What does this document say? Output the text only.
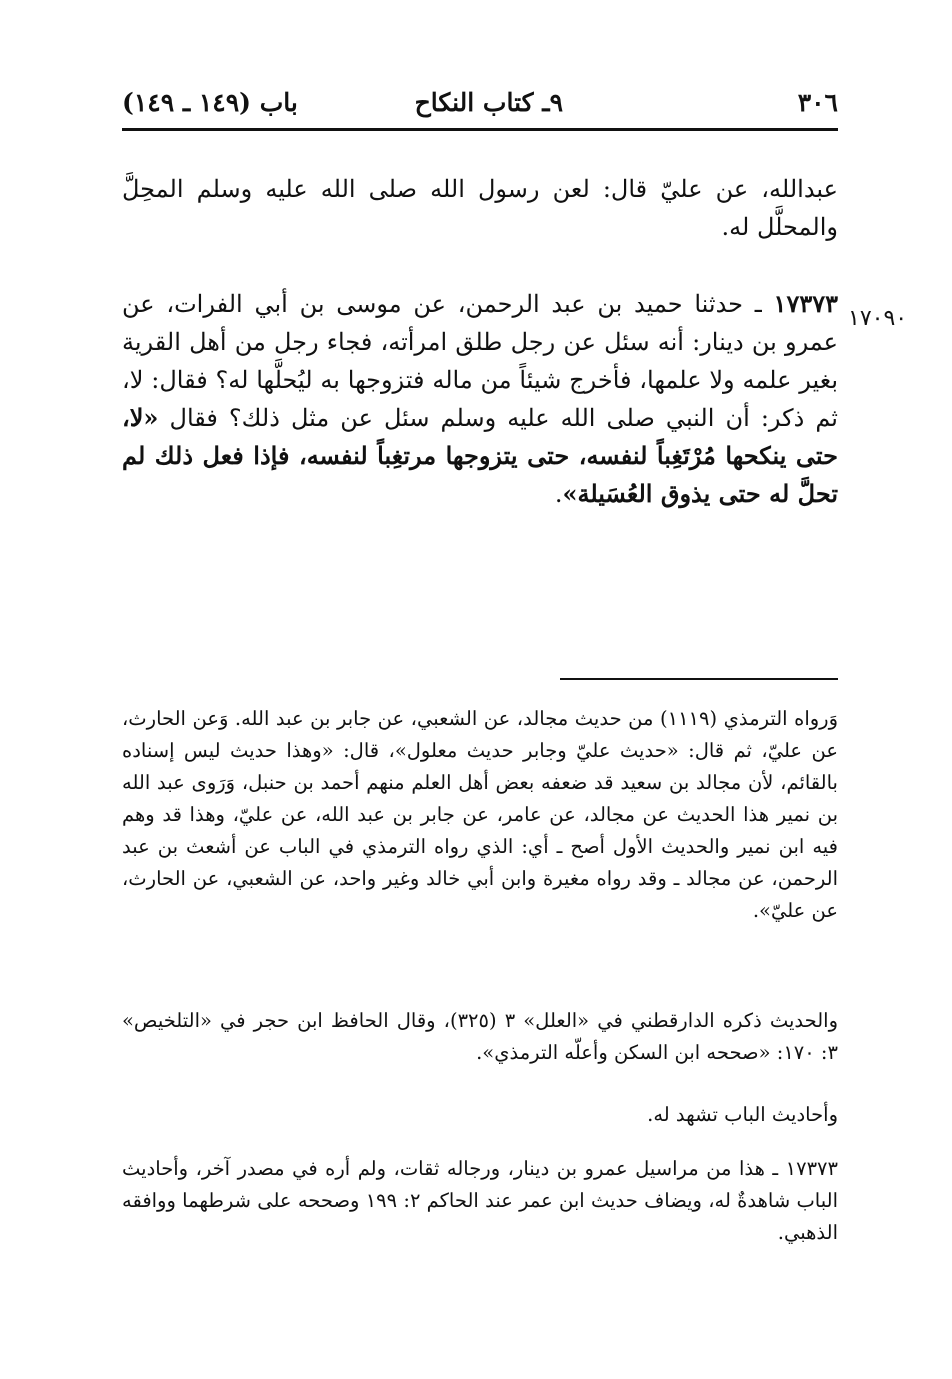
٣٠٦
٩ـ كتاب النكاح
باب (١٤٩ ـ ١٤٩)

عبدالله، عن عليّ قال: لعن رسول الله صلى الله عليه وسلم المحِلَّ والمحلَّل له.

١٧٠٩٠

١٧٣٧٣ ـ حدثنا حميد بن عبد الرحمن، عن موسى بن أبي الفرات، عن عمرو بن دينار: أنه سئل عن رجل طلق امرأته، فجاء رجل من أهل القرية بغير علمه ولا علمها، فأخرج شيئاً من ماله فتزوجها به ليُحلَّها له؟ فقال: لا، ثم ذكر: أن النبي صلى الله عليه وسلم سئل عن مثل ذلك؟ فقال «لا، حتى ينكحها مُرْتَغِباً لنفسه، حتى يتزوجها مرتغِباً لنفسه، فإذا فعل ذلك لم تحلَّ له حتى يذوق العُسَيلة».

وَرواه الترمذي (١١١٩) من حديث مجالد، عن الشعبي، عن جابر بن عبد الله. وَعن الحارث، عن عليّ، ثم قال: «حديث عليّ وجابر حديث معلول»، قال: «وهذا حديث ليس إسناده بالقائم، لأن مجالد بن سعيد قد ضعفه بعض أهل العلم منهم أحمد بن حنبل، وَرَوى عبد الله بن نمير هذا الحديث عن مجالد، عن عامر، عن جابر بن عبد الله، عن عليّ، وهذا قد وهم فيه ابن نمير والحديث الأول أصح ـ أي: الذي رواه الترمذي في الباب عن أشعث بن عبد الرحمن، عن مجالد ـ وقد رواه مغيرة وابن أبي خالد وغير واحد، عن الشعبي، عن الحارث، عن عليّ».

والحديث ذكره الدارقطني في «العلل» ٣ (٣٢٥)، وقال الحافظ ابن حجر في «التلخيص» ٣: ١٧٠: «صححه ابن السكن وأعلّه الترمذي».

وأحاديث الباب تشهد له.

١٧٣٧٣ ـ هذا من مراسيل عمرو بن دينار، ورجاله ثقات، ولم أره في مصدر آخر، وأحاديث الباب شاهدةٌ له، ويضاف حديث ابن عمر عند الحاكم ٢: ١٩٩ وصححه على شرطهما ووافقه الذهبي.
